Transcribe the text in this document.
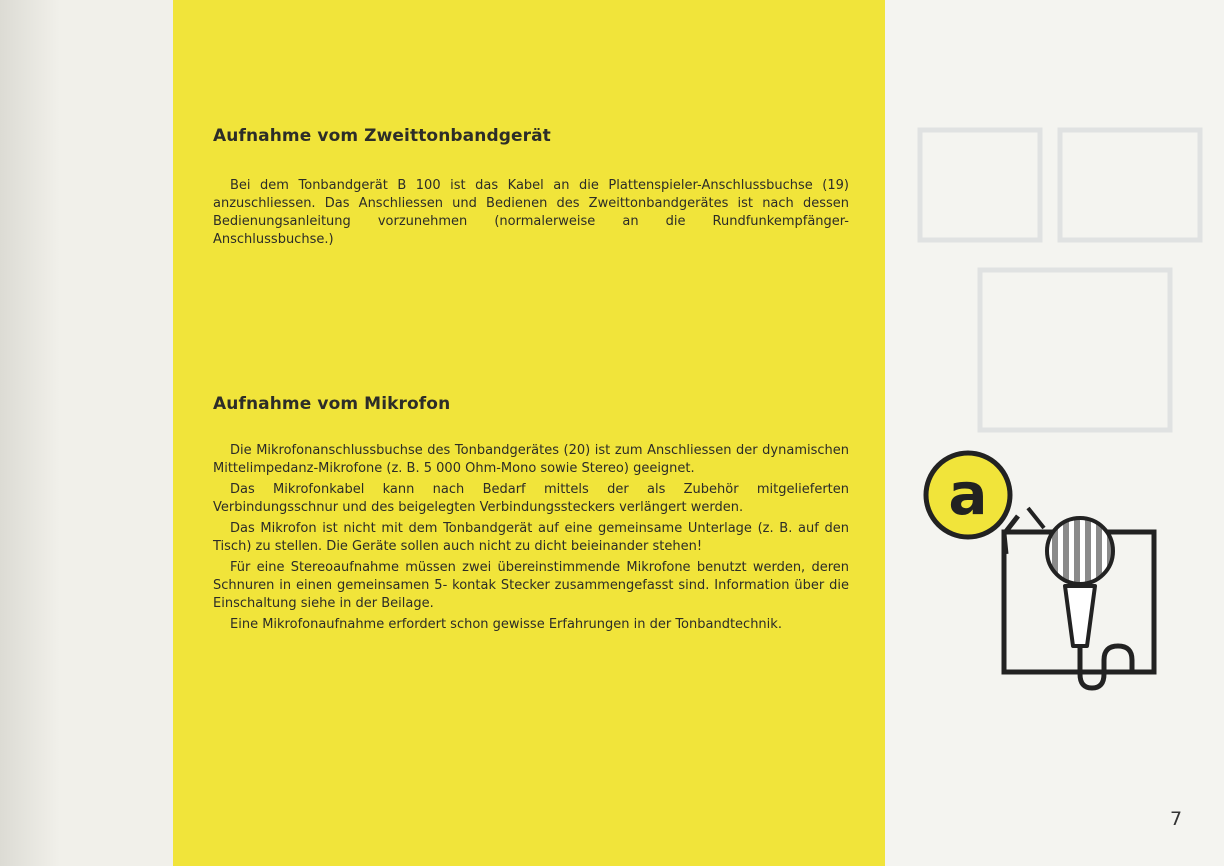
Aufnahme vom Zweittonbandgerät

Bei dem Tonbandgerät B 100 ist das Kabel an die Plattenspieler-Anschlussbuchse (19) anzuschliessen. Das Anschliessen und Bedienen des Zweittonbandgerätes ist nach dessen Bedienungsanleitung vorzunehmen (normalerweise an die Rundfunkempfänger-Anschlussbuchse.)

Aufnahme vom Mikrofon

Die Mikrofonanschlussbuchse des Tonbandgerätes (20) ist zum Anschliessen der dynamischen Mittelimpedanz-Mikrofone (z. B. 5 000 Ohm-Mono sowie Stereo) geeignet.

Das Mikrofonkabel kann nach Bedarf mittels der als Zubehör mitgelieferten Verbindungsschnur und des beigelegten Verbindungssteckers verlängert werden.

Das Mikrofon ist nicht mit dem Tonbandgerät auf eine gemeinsame Unterlage (z. B. auf den Tisch) zu stellen. Die Geräte sollen auch nicht zu dicht beieinander stehen!

Für eine Stereoaufnahme müssen zwei übereinstimmende Mikrofone benutzt werden, deren Schnuren in einen gemeinsamen 5- kontak Stecker zusammengefasst sind. Information über die Einschaltung siehe in der Beilage.

Eine Mikrofonaufnahme erfordert schon gewisse Erfahrungen in der Tonbandtechnik.

a
7
